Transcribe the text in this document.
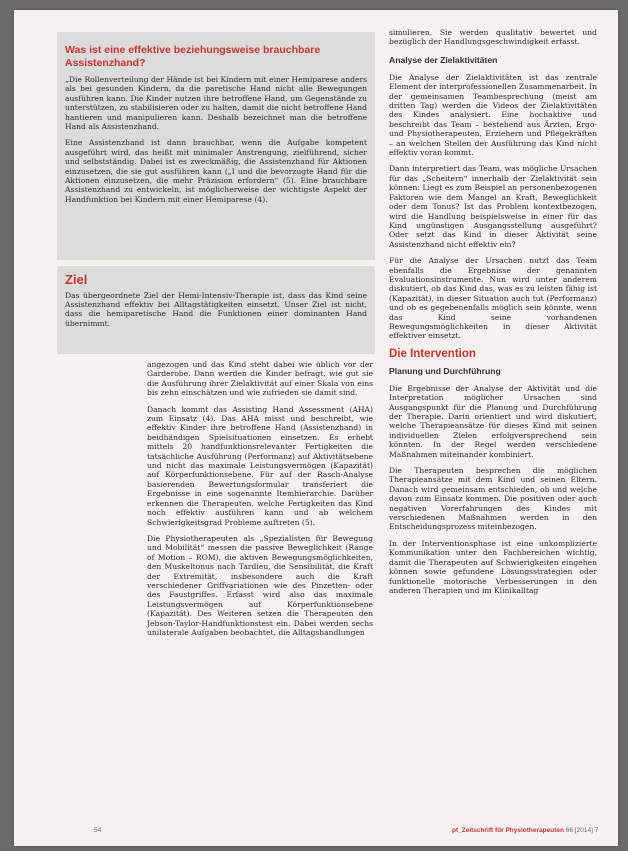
Was ist eine effektive beziehungsweise brauchbare Assistenzhand?

„Die Rollenverteilung der Hände ist bei Kindern mit einer Hemiparese anders als bei gesunden Kindern, da die paretische Hand nicht alle Bewegungen ausführen kann. Die Kinder nutzen ihre betroffene Hand, um Gegenstände zu unterstützen, zu stabilisieren oder zu halten, damit die nicht betroffene Hand hantieren und manipulieren kann. Deshalb bezeichnet man die betroffene Hand als Assistenzhand.

Eine Assistenzhand ist dann brauchbar, wenn die Aufgabe kompetent ausgeführt wird, das heißt mit minimaler Anstrengung, zielführend, sicher und selbstständig. Dabei ist es zweckmäßig, die Assistenzhand für Aktionen einzusetzen, die sie gut ausführen kann („I und die bevorzugte Hand für die Aktionen einzusetzen, die mehr Präzision erfordern“ (5). Eine brauchbare Assistenzhand zu entwickeln, ist möglicherweise der wichtigste Aspekt der Handfunktion bei Kindern mit einer Hemiparese (4).

Ziel

Das übergeordnete Ziel der Hemi-Intensiv-Therapie ist, dass das Kind seine Assistenzhand effektiv bei Alltagstätigkeiten einsetzt. Unser Ziel ist nicht, dass die hemiparetische Hand die Funktionen einer dominanten Hand übernimmt.

angezogen und das Kind steht dabei wie üblich vor der Garderobe. Dann werden die Kinder befragt, wie gut sie die Ausführung ihrer Zielaktivität auf einer Skala von eins bis zehn einschätzen und wie zufrieden sie damit sind.

Danach kommt das Assisting Hand Assessment (AHA) zum Einsatz (4). Das AHA misst und beschreibt, wie effektiv Kinder ihre betroffene Hand (Assistenzhand) in beidhändigen Spielsituationen einsetzen. Es erhebt mittels 20 handfunktionsrelevanter Fertigkeiten die tatsächliche Ausführung (Performanz) auf Aktivitätsebene und nicht das maximale Leistungsvermögen (Kapazität) auf Körperfunktionsebene. Für auf der Rasch-Analyse basierenden Bewertungsformular transferiert die Ergebnisse in eine sogenannte Itemhierarchie. Darüber erkennen die Therapeuten, welche Fertigkeiten das Kind noch effektiv ausführen kann und ab welchem Schwierigkeitsgrad Probleme auftreten (5).

Die Physiotherapeuten als „Spezialisten für Bewegung und Mobilität“ messen die passive Beweglichkeit (Range of Motion – ROM), die aktiven Bewegungsmöglichkeiten, den Muskeltonus nach Tardieu, die Sensibilität, die Kraft der Extremität, insbesondere auch die Kraft verschiedener Griffvariationen wie des Pinzetten- oder des Faustgriffes. Erfasst wird also das maximale Leistungsvermögen auf Körperfunktionsebene (Kapazität). Des Weiteren setzen die Therapeuten den Jebson-Taylor-Handfunktionstest ein. Dabei werden sechs unilaterale Aufgaben beobachtet, die Alltagshandlungen

simulieren. Sie werden qualitativ bewertet und bezüglich der Handlungsgeschwindigkeit erfasst.

Analyse der Zielaktivitäten

Die Analyse der Zielaktivitäten ist das zentrale Element der interprofessionellen Zusammenarbeit. In der gemeinsamen Teambesprechung (meist am dritten Tag) werden die Videos der Zielaktivitäten des Kindes analysiert. Eine hochaktive und beschreibt das Team – bestehend aus Ärzten, Ergo- und Physiotherapeuten, Erziehern und Pflegekräften – an welchen Stellen der Ausführung das Kind nicht effektiv voran kommt.

Dann interpretiert das Team, was mögliche Ursachen für das „Scheitern“ innerhalb der Zielaktivität sein können: Liegt es zum Beispiel an personenbezogenen Faktoren wie dem Mangel an Kraft, Beweglichkeit oder dem Tonus? Ist das Problem kontextbezogen, wird die Handlung beispielsweise in einer für das Kind ungünstigen Ausgangsstellung ausgeführt? Oder setzt das Kind in dieser Aktivität seine Assistenzhand nicht effektiv ein?

Für die Analyse der Ursachen nutzt das Team ebenfalls die Ergebnisse der genannten Evaluationsinstrumente. Nun wird unter anderem diskutiert, ob das Kind das, was es zu leisten fähig ist (Kapazität), in dieser Situation auch tut (Performanz) und ob es gegebenenfalls möglich sein könnte, wenn das Kind seine vorhandenen Bewegungsmöglichkeiten in dieser Aktivität effektiver einsetzt.

Die Intervention
Planung und Durchführung

Die Ergebnisse der Analyse der Aktivität und die Interpretation möglicher Ursachen sind Ausgangspunkt für die Planung und Durchführung der Therapie. Darin orientiert und wird diskutiert, welche Therapieansätze für dieses Kind mit seinen individuellen Zielen erfolgversprechend sein könnten. In der Regel werden verschiedene Maßnahmen miteinander kombiniert.

Die Therapeuten besprechen die möglichen Therapieansätze mit dem Kind und seinen Eltern. Danach wird gemeinsam entschieden, ob und welche davon zum Einsatz kommen. Die positiven oder auch negativen Vorerfahrungen des Kindes mit verschiedenen Maßnahmen werden in den Entscheidungsprozess miteinbezogen.

In der Interventionsphase ist eine unkomplizierte Kommunikation unter den Fachbereichen wichtig, damit die Therapeuten auf Schwierigkeiten eingehen können sowie gefundene Lösungsstrategien oder funktionelle motorische Verbesserungen in den anderen Therapien und im Klinikalltag

54	pt_Zeitschrift für Physiotherapeuten 66 [2014] 7
